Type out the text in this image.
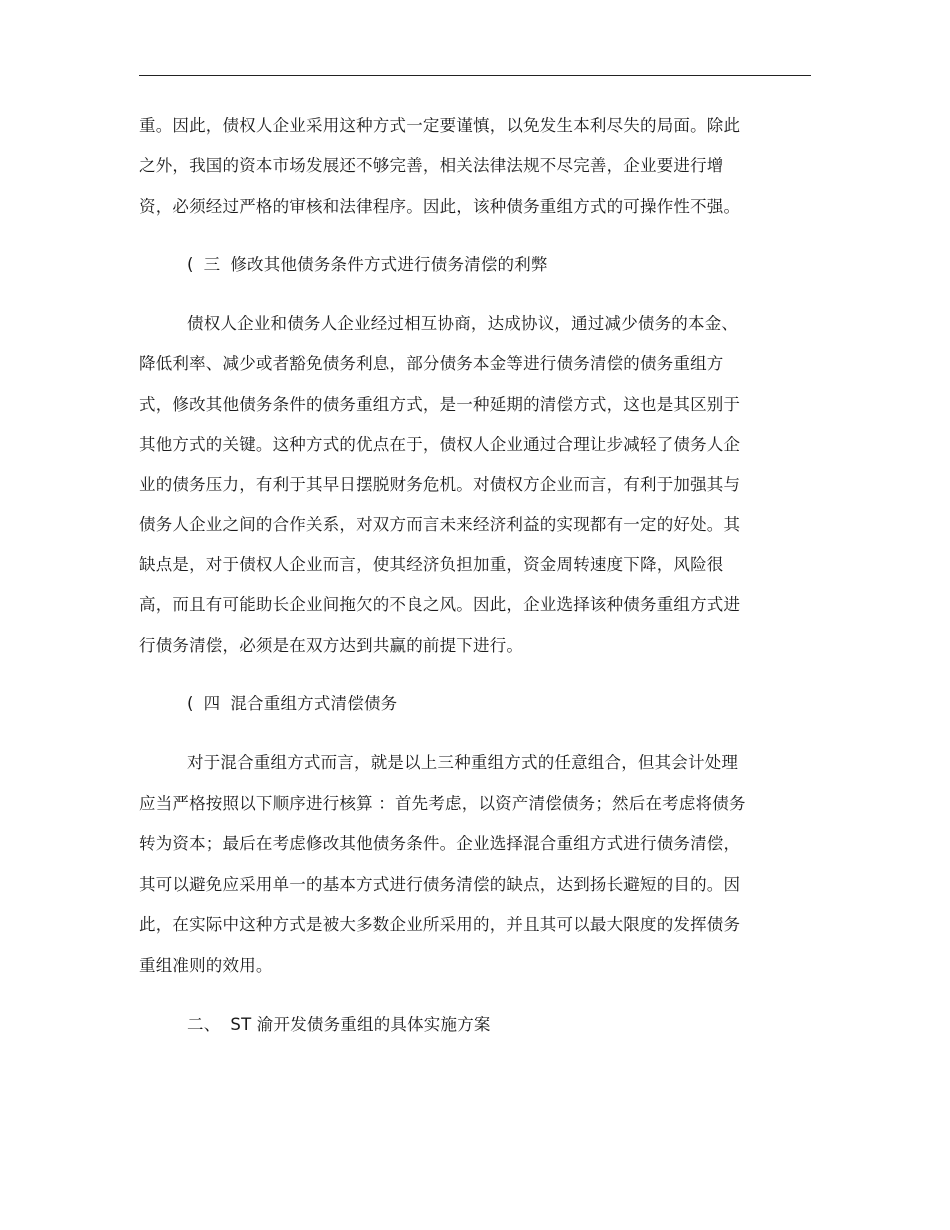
重。因此，债权人企业采用这种方式一定要谨慎，以免发生本利尽失的局面。除此
之外，我国的资本市场发展还不够完善，相关法律法规不尽完善，企业要进行增
资，必须经过严格的审核和法律程序。因此，该种债务重组方式的可操作性不强。
( 三 修改其他债务条件方式进行债务清偿的利弊
债权人企业和债务人企业经过相互协商，达成协议，通过减少债务的本金、
降低利率、减少或者豁免债务利息，部分债务本金等进行债务清偿的债务重组方
式，修改其他债务条件的债务重组方式，是一种延期的清偿方式，这也是其区别于
其他方式的关键。这种方式的优点在于，债权人企业通过合理让步减轻了债务人企
业的债务压力，有利于其早日摆脱财务危机。对债权方企业而言，有利于加强其与
债务人企业之间的合作关系，对双方而言未来经济利益的实现都有一定的好处。其
缺点是，对于债权人企业而言，使其经济负担加重，资金周转速度下降，风险很
高，而且有可能助长企业间拖欠的不良之风。因此，企业选择该种债务重组方式进
行债务清偿，必须是在双方达到共赢的前提下进行。
( 四 混合重组方式清偿债务
对于混合重组方式而言，就是以上三种重组方式的任意组合，但其会计处理
应当严格按照以下顺序进行核算 ：首先考虑，以资产清偿债务；然后在考虑将债务
转为资本；最后在考虑修改其他债务条件。企业选择混合重组方式进行债务清偿，
其可以避免应采用单一的基本方式进行债务清偿的缺点，达到扬长避短的目的。因
此，在实际中这种方式是被大多数企业所采用的，并且其可以最大限度的发挥债务
重组准则的效用。
二、 ST 渝开发债务重组的具体实施方案
